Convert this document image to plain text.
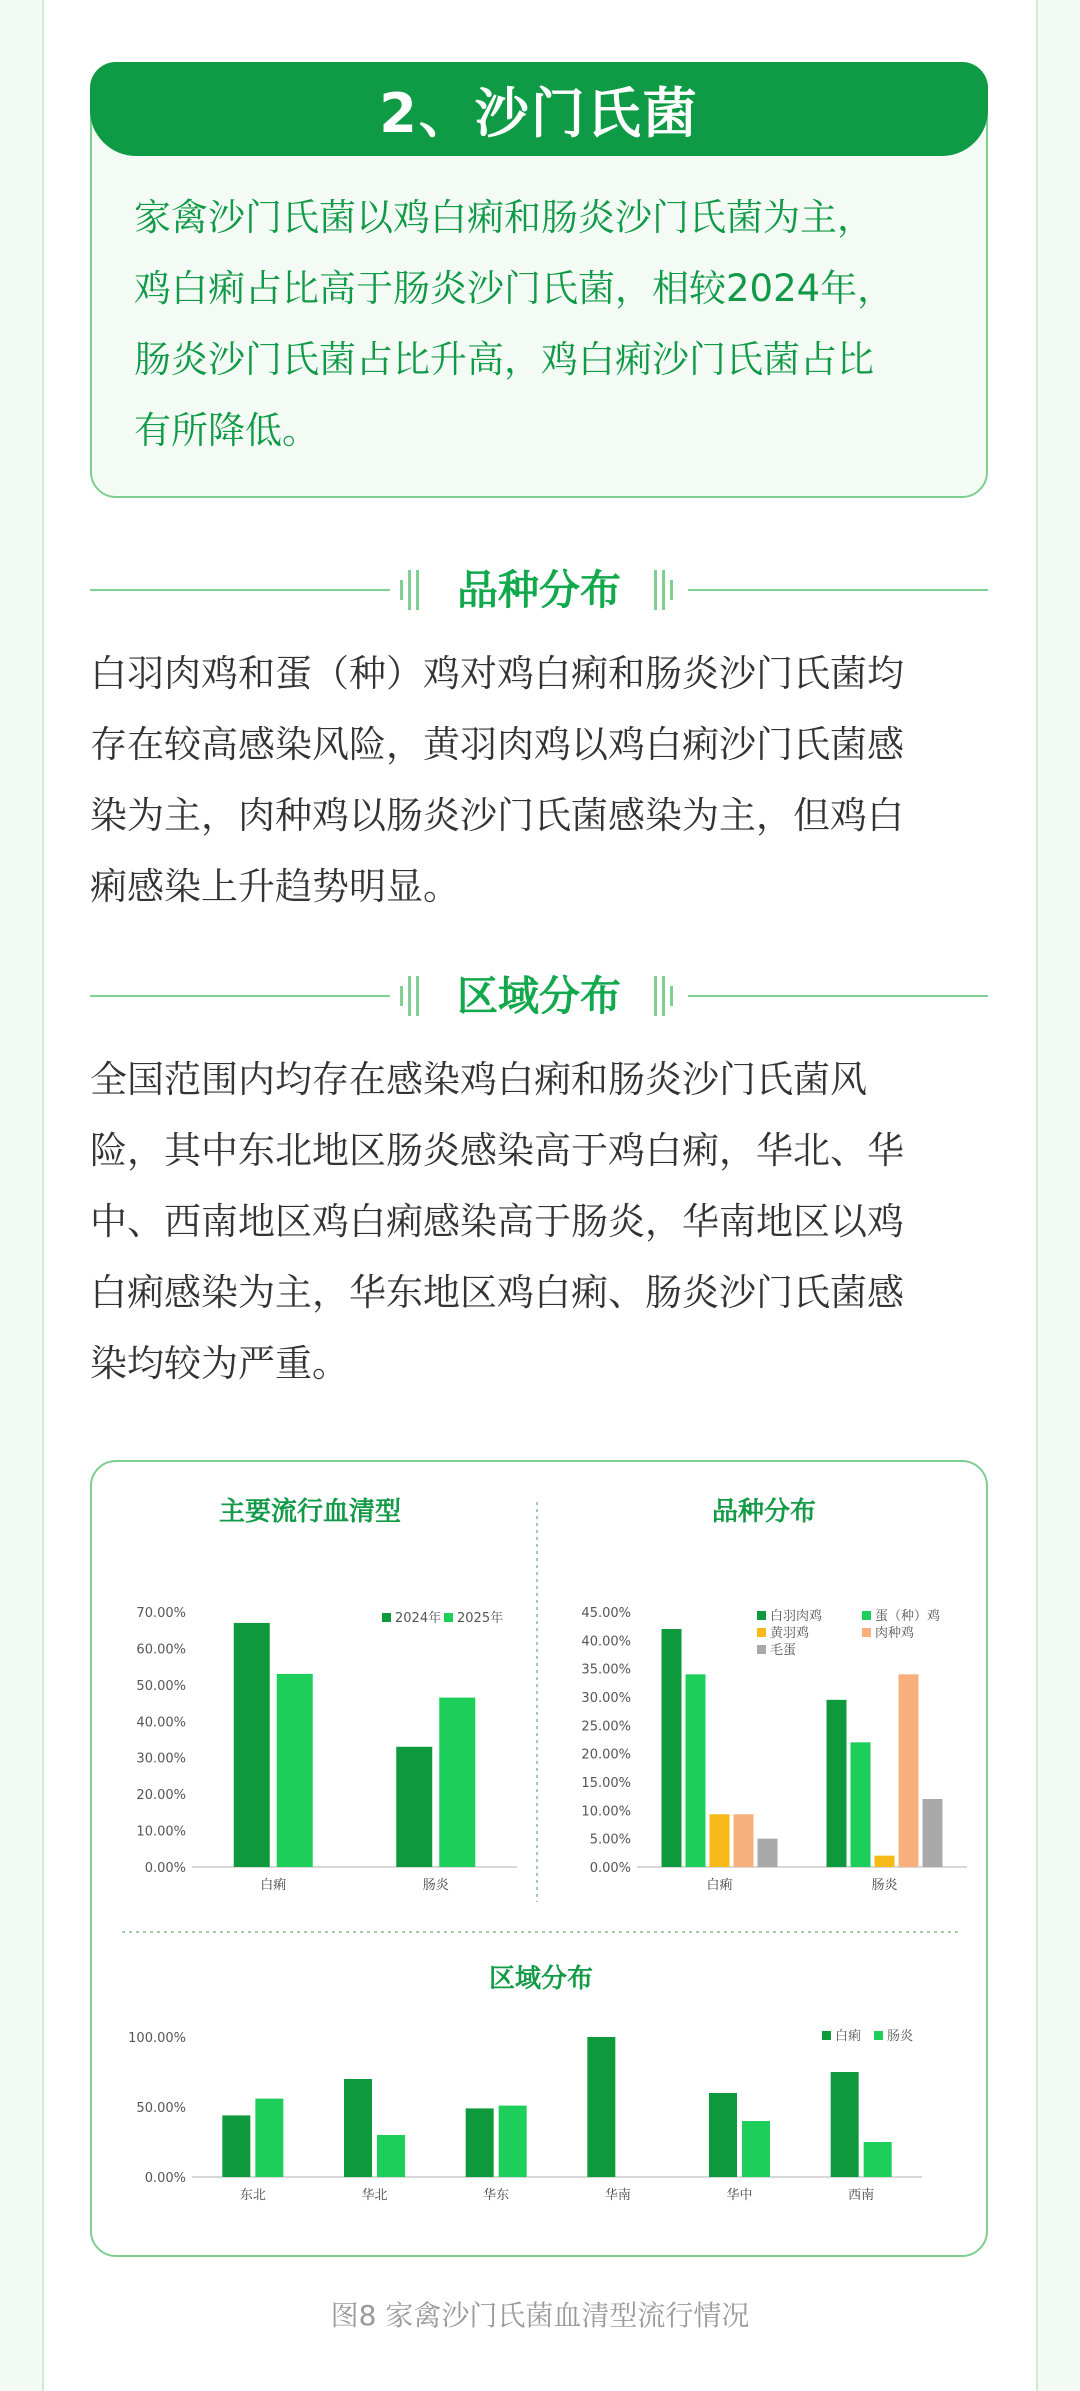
2、沙门氏菌
家禽沙门氏菌以鸡白痢和肠炎沙门氏菌为主，
鸡白痢占比高于肠炎沙门氏菌，相较2024年，
肠炎沙门氏菌占比升高，鸡白痢沙门氏菌占比
有所降低。
品种分布
白羽肉鸡和蛋（种）鸡对鸡白痢和肠炎沙门氏菌均
存在较高感染风险，黄羽肉鸡以鸡白痢沙门氏菌感
染为主，肉种鸡以肠炎沙门氏菌感染为主，但鸡白
痢感染上升趋势明显。
区域分布
全国范围内均存在感染鸡白痢和肠炎沙门氏菌风
险，其中东北地区肠炎感染高于鸡白痢，华北、华
中、西南地区鸡白痢感染高于肠炎，华南地区以鸡
白痢感染为主，华东地区鸡白痢、肠炎沙门氏菌感
染均较为严重。
主要流行血清型
0.00%
10.00%
20.00%
30.00%
40.00%
50.00%
60.00%
70.00%
白痢	肠炎
2024年 2025年
品种分布
0.00%
5.00%
10.00%
15.00%
20.00%
25.00%
30.00%
35.00%
40.00%
45.00%
白痢	肠炎
白羽肉鸡	蛋（种）鸡
黄羽鸡	肉种鸡
毛蛋
区域分布
0.00%
50.00%
100.00%
东北	华北	华东	华南	华中	西南
白痢 肠炎
图8 家禽沙门氏菌血清型流行情况
